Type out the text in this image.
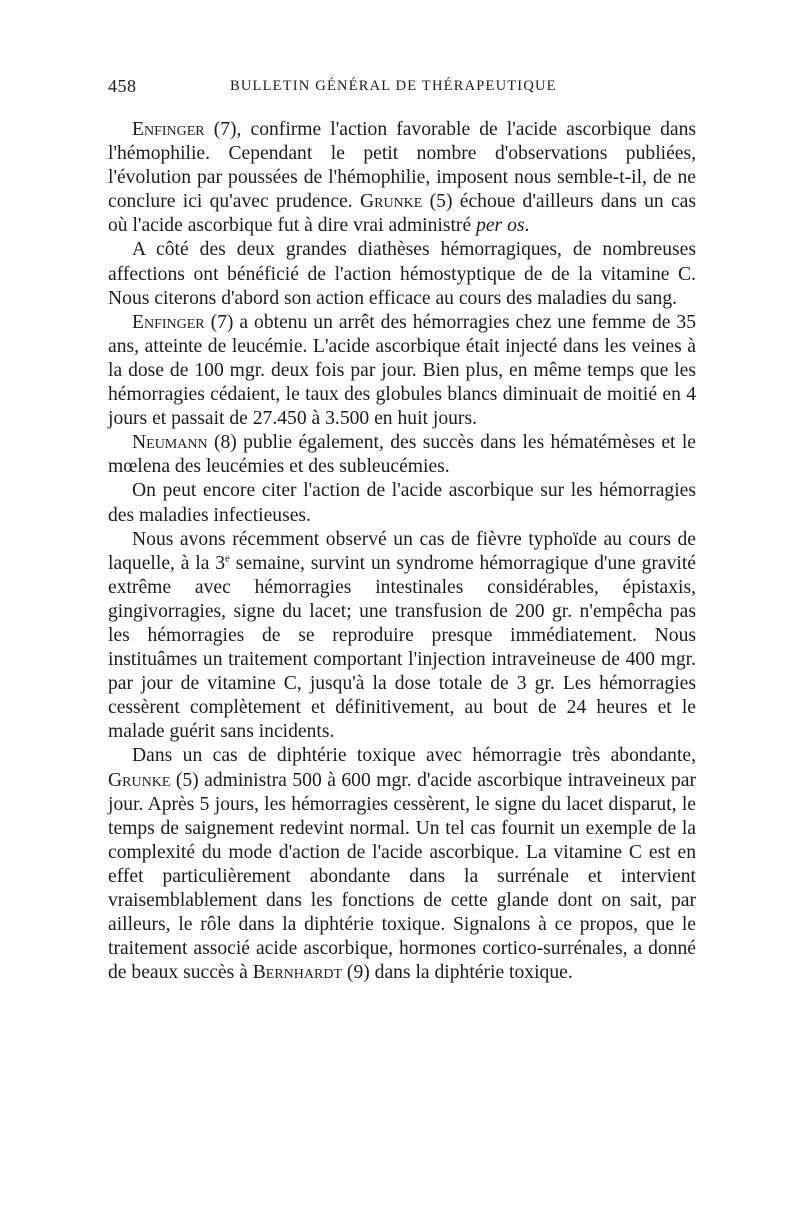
458	BULLETIN GÉNÉRAL DE THÉRAPEUTIQUE

Enfinger (7), confirme l'action favorable de l'acide ascorbique dans l'hémophilie. Cependant le petit nombre d'observations publiées, l'évolution par poussées de l'hémophilie, imposent nous semble-t-il, de ne conclure ici qu'avec prudence. Grunke (5) échoue d'ailleurs dans un cas où l'acide ascorbique fut à dire vrai administré per os.

A côté des deux grandes diathèses hémorragiques, de nombreuses affections ont bénéficié de l'action hémostyptique de de la vitamine C. Nous citerons d'abord son action efficace au cours des maladies du sang.

Enfinger (7) a obtenu un arrêt des hémorragies chez une femme de 35 ans, atteinte de leucémie. L'acide ascorbique était injecté dans les veines à la dose de 100 mgr. deux fois par jour. Bien plus, en même temps que les hémorragies cédaient, le taux des globules blancs diminuait de moitié en 4 jours et passait de 27.450 à 3.500 en huit jours.

Neumann (8) publie également, des succès dans les hématémèses et le mœlena des leucémies et des subleucémies.

On peut encore citer l'action de l'acide ascorbique sur les hémorragies des maladies infectieuses.

Nous avons récemment observé un cas de fièvre typhoïde au cours de laquelle, à la 3e semaine, survint un syndrome hémorragique d'une gravité extrême avec hémorragies intestinales considérables, épistaxis, gingivorragies, signe du lacet; une transfusion de 200 gr. n'empêcha pas les hémorragies de se reproduire presque immédiatement. Nous instituâmes un traitement comportant l'injection intraveineuse de 400 mgr. par jour de vitamine C, jusqu'à la dose totale de 3 gr. Les hémorragies cessèrent complètement et définitivement, au bout de 24 heures et le malade guérit sans incidents.

Dans un cas de diphtérie toxique avec hémorragie très abondante, Grunke (5) administra 500 à 600 mgr. d'acide ascorbique intraveineux par jour. Après 5 jours, les hémorragies cessèrent, le signe du lacet disparut, le temps de saignement redevint normal. Un tel cas fournit un exemple de la complexité du mode d'action de l'acide ascorbique. La vitamine C est en effet particulièrement abondante dans la surrénale et intervient vraisemblablement dans les fonctions de cette glande dont on sait, par ailleurs, le rôle dans la diphtérie toxique. Signalons à ce propos, que le traitement associé acide ascorbique, hormones cortico-surrénales, a donné de beaux succès à Bernhardt (9) dans la diphtérie toxique.
